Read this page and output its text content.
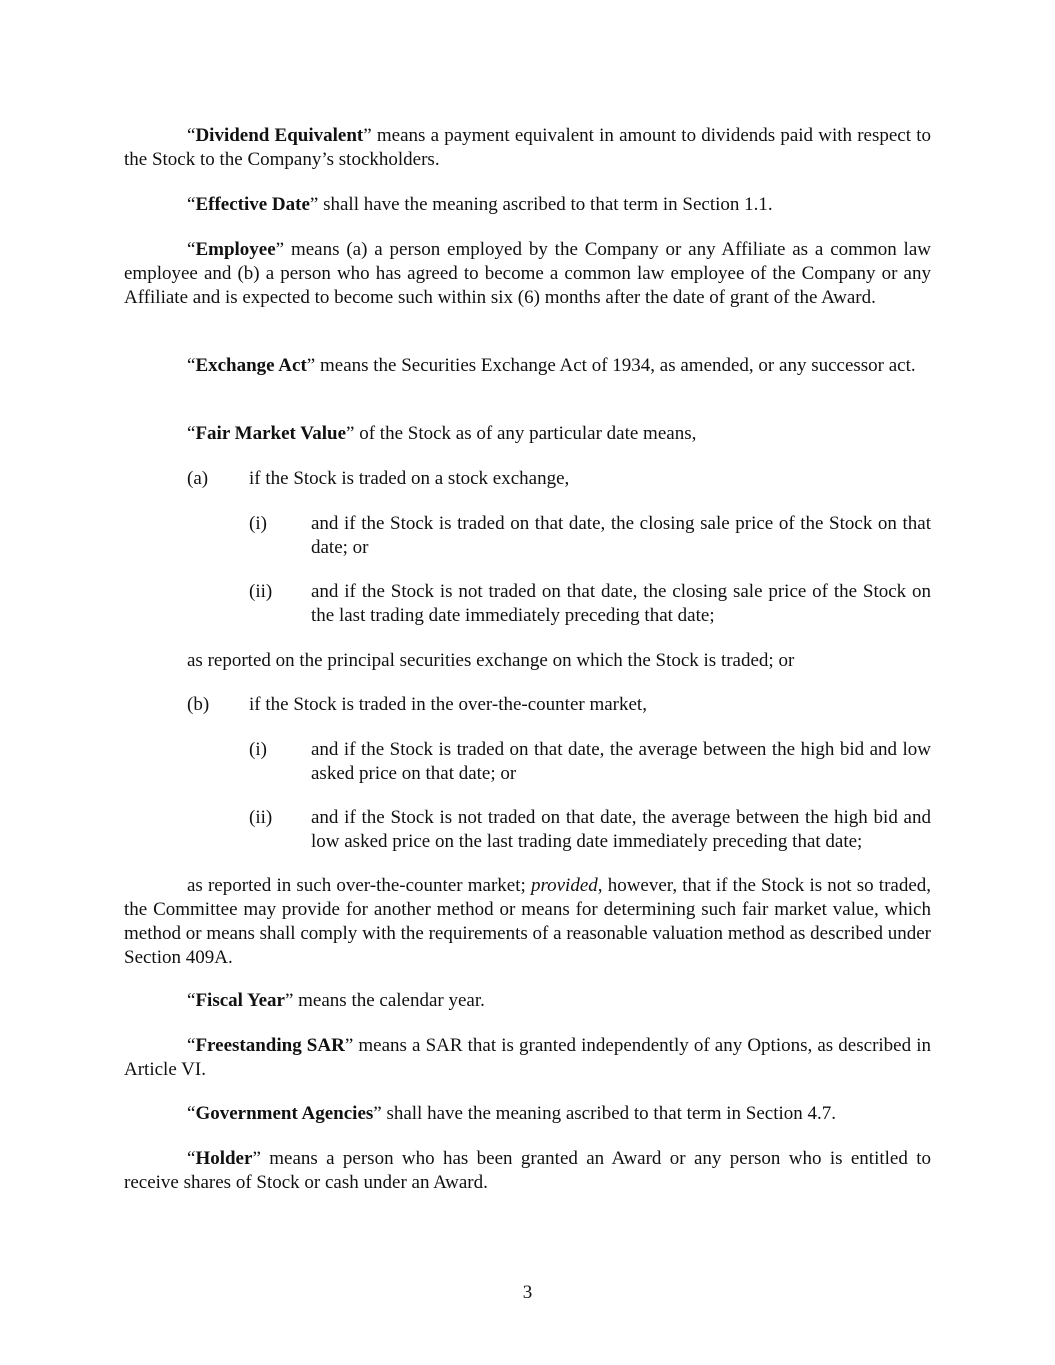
“Dividend Equivalent” means a payment equivalent in amount to dividends paid with respect to the Stock to the Company’s stockholders.

“Effective Date” shall have the meaning ascribed to that term in Section 1.1.

“Employee” means (a) a person employed by the Company or any Affiliate as a common law employee and (b) a person who has agreed to become a common law employee of the Company or any Affiliate and is expected to become such within six (6) months after the date of grant of the Award.

“Exchange Act” means the Securities Exchange Act of 1934, as amended, or any successor act.

“Fair Market Value” of the Stock as of any particular date means,

(a) if the Stock is traded on a stock exchange,
(i) and if the Stock is traded on that date, the closing sale price of the Stock on that date; or
(ii) and if the Stock is not traded on that date, the closing sale price of the Stock on the last trading date immediately preceding that date;
as reported on the principal securities exchange on which the Stock is traded; or
(b) if the Stock is traded in the over-the-counter market,
(i) and if the Stock is traded on that date, the average between the high bid and low asked price on that date; or
(ii) and if the Stock is not traded on that date, the average between the high bid and low asked price on the last trading date immediately preceding that date;

as reported in such over-the-counter market; provided, however, that if the Stock is not so traded, the Committee may provide for another method or means for determining such fair market value, which method or means shall comply with the requirements of a reasonable valuation method as described under Section 409A.

“Fiscal Year” means the calendar year.

“Freestanding SAR” means a SAR that is granted independently of any Options, as described in Article VI.

“Government Agencies” shall have the meaning ascribed to that term in Section 4.7.

“Holder” means a person who has been granted an Award or any person who is entitled to receive shares of Stock or cash under an Award.

3
